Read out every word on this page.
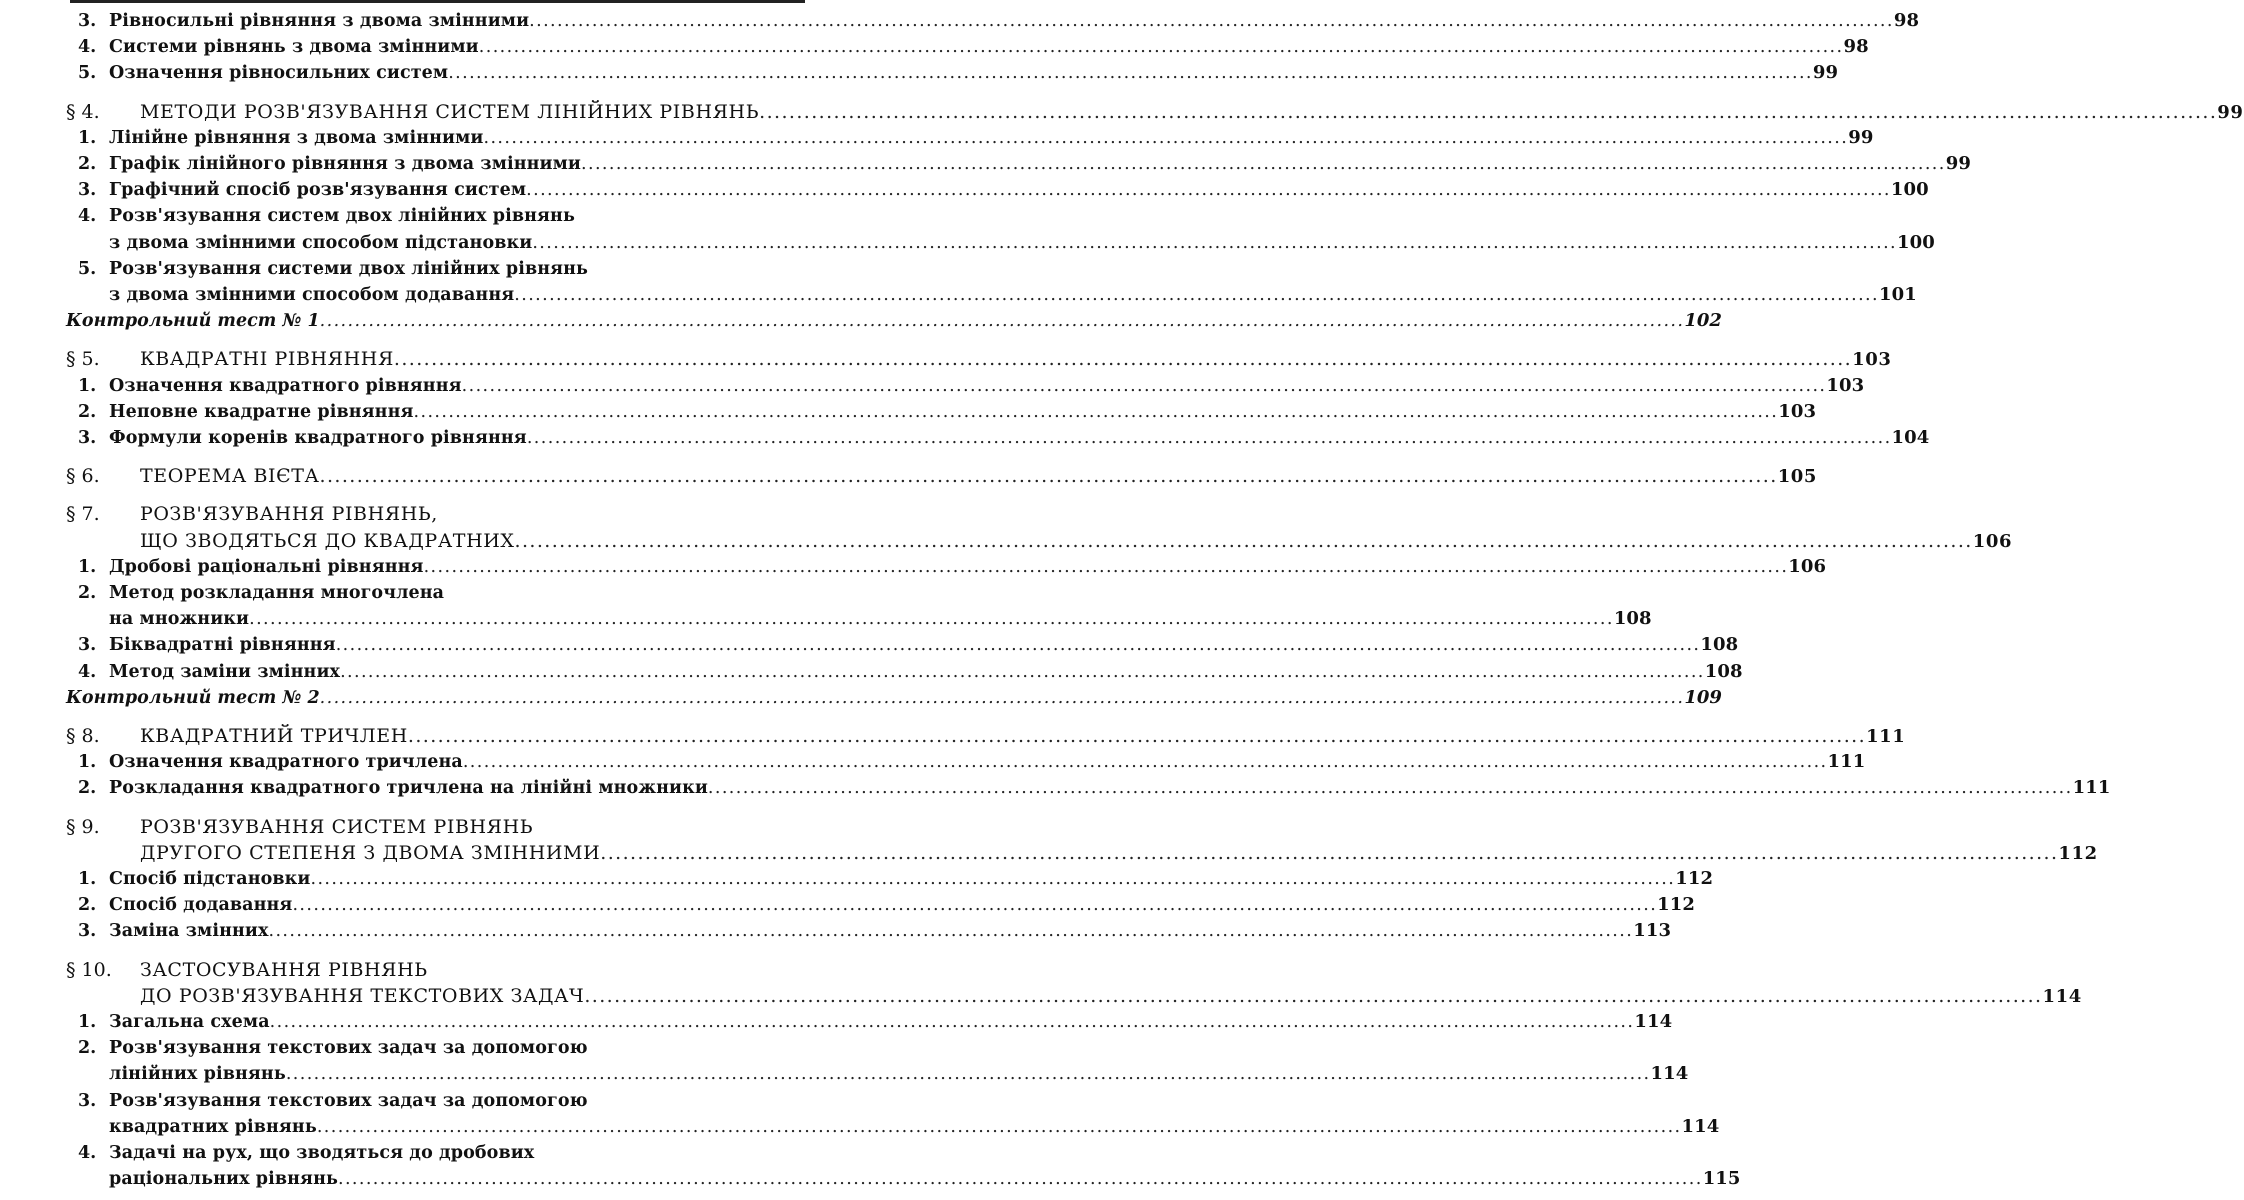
3. Рівносильні рівняння з двома змінними .....	98
4. Системи рівнянь з двома змінними .....	98
5. Означення рівносильних систем .....	99
§ 4. МЕТОДИ РОЗВ'ЯЗУВАННЯ СИСТЕМ ЛІНІЙНИХ РІВНЯНЬ .....	99
1. Лінійне рівняння з двома змінними .....	99
2. Графік лінійного рівняння з двома змінними .....	99
3. Графічний спосіб розв'язування систем .....	100
4. Розв'язування систем двох лінійних рівнянь
з двома змінними способом підстановки .....	100
5. Розв'язування системи двох лінійних рівнянь
з двома змінними способом додавання .....	101
Контрольний тест № 1 .....	102
§ 5. КВАДРАТНІ РІВНЯННЯ .....	103
1. Означення квадратного рівняння .....	103
2. Неповне квадратне рівняння .....	103
3. Формули коренів квадратного рівняння .....	104
§ 6. ТЕОРЕМА ВІЄТА .....	105
§ 7. РОЗВ'ЯЗУВАННЯ РІВНЯНЬ,
ЩО ЗВОДЯТЬСЯ ДО КВАДРАТНИХ .....	106
1. Дробові раціональні рівняння .....	106
2. Метод розкладання многочлена
на множники .....	108
3. Біквадратні рівняння .....	108
4. Метод заміни змінних .....	108
Контрольний тест № 2 .....	109
§ 8. КВАДРАТНИЙ ТРИЧЛЕН .....	111
1. Означення квадратного тричлена .....	111
2. Розкладання квадратного тричлена на лінійні множники .....	111
§ 9. РОЗВ'ЯЗУВАННЯ СИСТЕМ РІВНЯНЬ
ДРУГОГО СТЕПЕНЯ З ДВОМА ЗМІННИМИ .....	112
1. Спосіб підстановки .....	112
2. Спосіб додавання .....	112
3. Заміна змінних .....	113
§ 10. ЗАСТОСУВАННЯ РІВНЯНЬ
ДО РОЗВ'ЯЗУВАННЯ ТЕКСТОВИХ ЗАДАЧ .....	114
1. Загальна схема .....	114
2. Розв'язування текстових задач за допомогою
лінійних рівнянь .....	114
3. Розв'язування текстових задач за допомогою
квадратних рівнянь .....	114
4. Задачі на рух, що зводяться до дробових
раціональних рівнянь .....	115
